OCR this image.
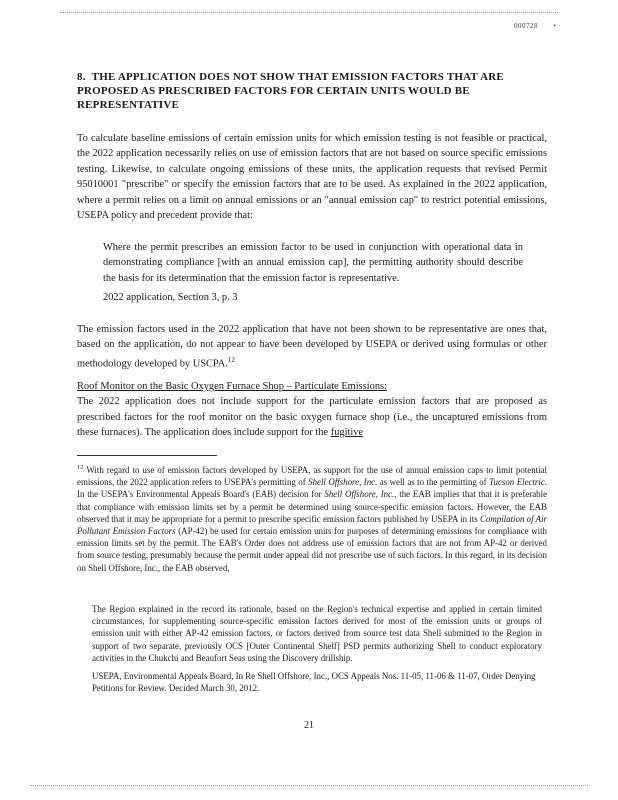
000728 •
8. THE APPLICATION DOES NOT SHOW THAT EMISSION FACTORS THAT ARE PROPOSED AS PRESCRIBED FACTORS FOR CERTAIN UNITS WOULD BE REPRESENTATIVE
To calculate baseline emissions of certain emission units for which emission testing is not feasible or practical, the 2022 application necessarily relies on use of emission factors that are not based on source specific emissions testing. Likewise, to calculate ongoing emissions of these units, the application requests that revised Permit 95010001 "prescribe" or specify the emission factors that are to be used. As explained in the 2022 application, where a permit relies on a limit on annual emissions or an "annual emission cap" to restrict potential emissions, USEPA policy and precedent provide that:
Where the permit prescribes an emission factor to be used in conjunction with operational data in demonstrating compliance [with an annual emission cap], the permitting authority should describe the basis for its determination that the emission factor is representative.
2022 application, Section 3, p. 3
The emission factors used in the 2022 application that have not been shown to be representative are ones that, based on the application, do not appear to have been developed by USEPA or derived using formulas or other methodology developed by USCPA.$^{12}$
Roof Monitor on the Basic Oxygen Furnace Shop – Particulate Emissions:
The 2022 application does not include support for the particulate emission factors that are proposed as prescribed factors for the roof monitor on the basic oxygen furnace shop (i.e., the uncaptured emissions from these furnaces). The application does include support for the fugitive
$^{12}$ With regard to use of emission factors developed by USEPA, as support for the use of annual emission caps to limit potential emissions, the 2022 application refers to USEPA's permitting of Shell Offshore, Inc. as well as to the permitting of Tucson Electric. In the USEPA's Environmental Appeals Board's (EAB) decision for Shell Offshore, Inc., the EAB implies that that it is preferable that compliance with emission limits set by a permit be determined using source-specific emission factors. However, the EAB observed that it may be appropriate for a permit to prescribe specific emission factors published by USEPA in its Compilation of Air Pollutant Emission Factors (AP-42) be used for certain emission units for purposes of determining emissions for compliance with emission limits set by the permit. The EAB's Order does not address use of emission factors that are not from AP-42 or derived from source testing, presumably because the permit under appeal did not prescribe use of such factors. In this regard, in its decision on Shell Offshore, Inc., the EAB observed,
The Region explained in the record its rationale, based on the Region's technical expertise and applied in certain limited circumstances, for supplementing source-specific emission factors derived for most of the emission units or groups of emission unit with either AP-42 emission factors, or factors derived from source test data Shell submitted to the Region in support of two separate, previously OCS [Outer Continental Shelf] PSD permits authorizing Shell to conduct exploratory activities in the Chukchi and Beaufort Seas using the Discovery drillship.
USEPA, Environmental Appeals Board, In Re Shell Offshore, Inc., OCS Appeals Nos. 11-05, 11-06 & 11-07, Order Denying Petitions for Review. Decided March 30, 2012.
21
